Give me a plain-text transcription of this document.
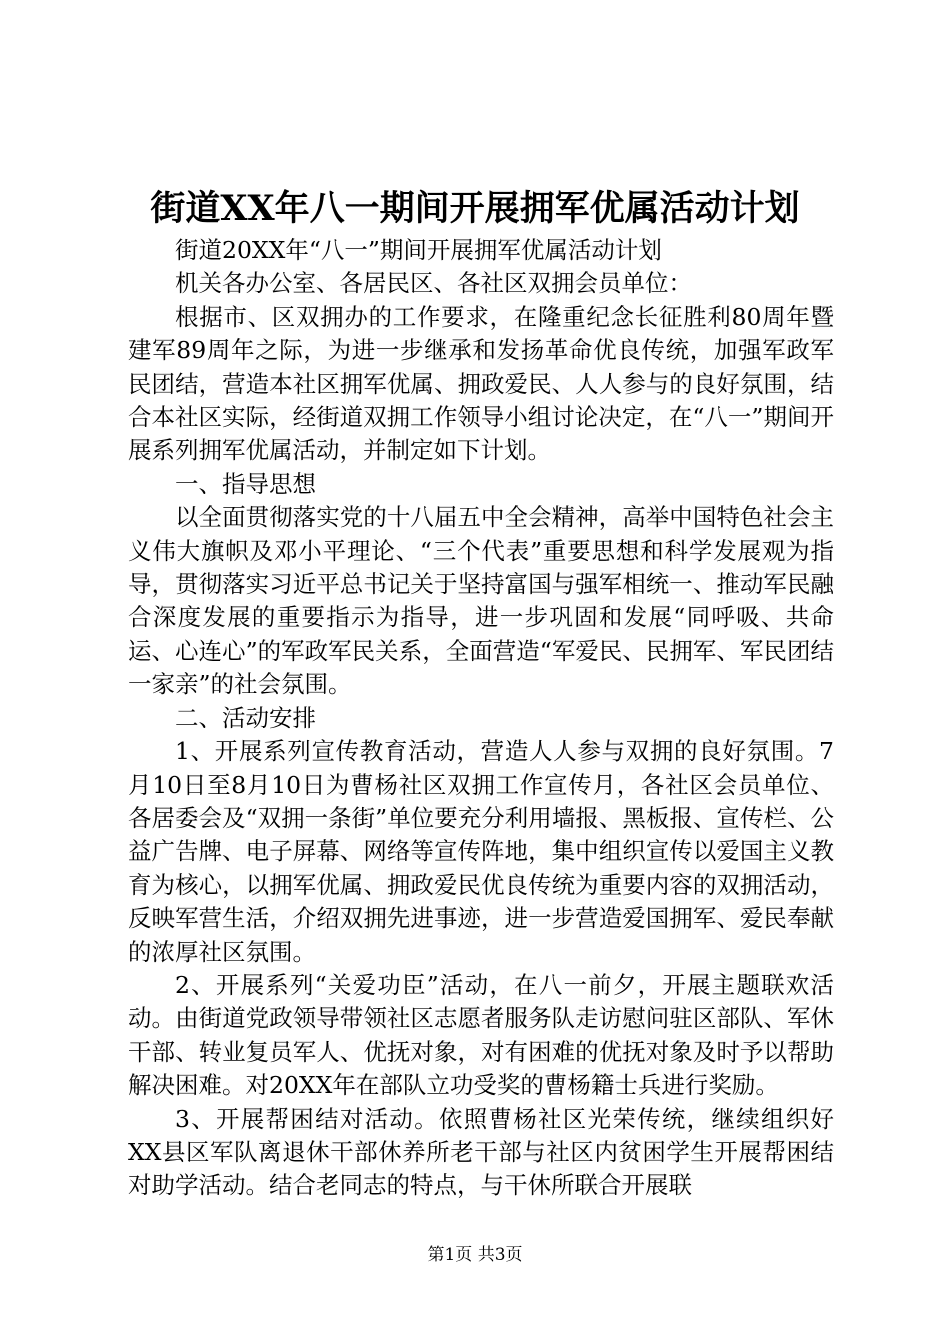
街道XX年八一期间开展拥军优属活动计划

街道20XX年“八一”期间开展拥军优属活动计划

机关各办公室、各居民区、各社区双拥会员单位：

根据市、区双拥办的工作要求，在隆重纪念长征胜利80周年暨建军89周年之际，为进一步继承和发扬革命优良传统，加强军政军民团结，营造本社区拥军优属、拥政爱民、人人参与的良好氛围，结合本社区实际，经街道双拥工作领导小组讨论决定，在“八一”期间开展系列拥军优属活动，并制定如下计划。

一、指导思想

以全面贯彻落实党的十八届五中全会精神，高举中国特色社会主义伟大旗帜及邓小平理论、“三个代表”重要思想和科学发展观为指导，贯彻落实习近平总书记关于坚持富国与强军相统一、推动军民融合深度发展的重要指示为指导，进一步巩固和发展“同呼吸、共命运、心连心”的军政军民关系，全面营造“军爱民、民拥军、军民团结一家亲”的社会氛围。

二、活动安排

1、开展系列宣传教育活动，营造人人参与双拥的良好氛围。7月10日至8月10日为曹杨社区双拥工作宣传月，各社区会员单位、各居委会及“双拥一条街”单位要充分利用墙报、黑板报、宣传栏、公益广告牌、电子屏幕、网络等宣传阵地，集中组织宣传以爱国主义教育为核心，以拥军优属、拥政爱民优良传统为重要内容的双拥活动，反映军营生活，介绍双拥先进事迹，进一步营造爱国拥军、爱民奉献的浓厚社区氛围。

2、开展系列“关爱功臣”活动，在八一前夕，开展主题联欢活动。由街道党政领导带领社区志愿者服务队走访慰问驻区部队、军休干部、转业复员军人、优抚对象，对有困难的优抚对象及时予以帮助解决困难。对20XX年在部队立功受奖的曹杨籍士兵进行奖励。

3、开展帮困结对活动。依照曹杨社区光荣传统，继续组织好XX县区军队离退休干部休养所老干部与社区内贫困学生开展帮困结对助学活动。结合老同志的特点，与干休所联合开展联

第1页 共3页
